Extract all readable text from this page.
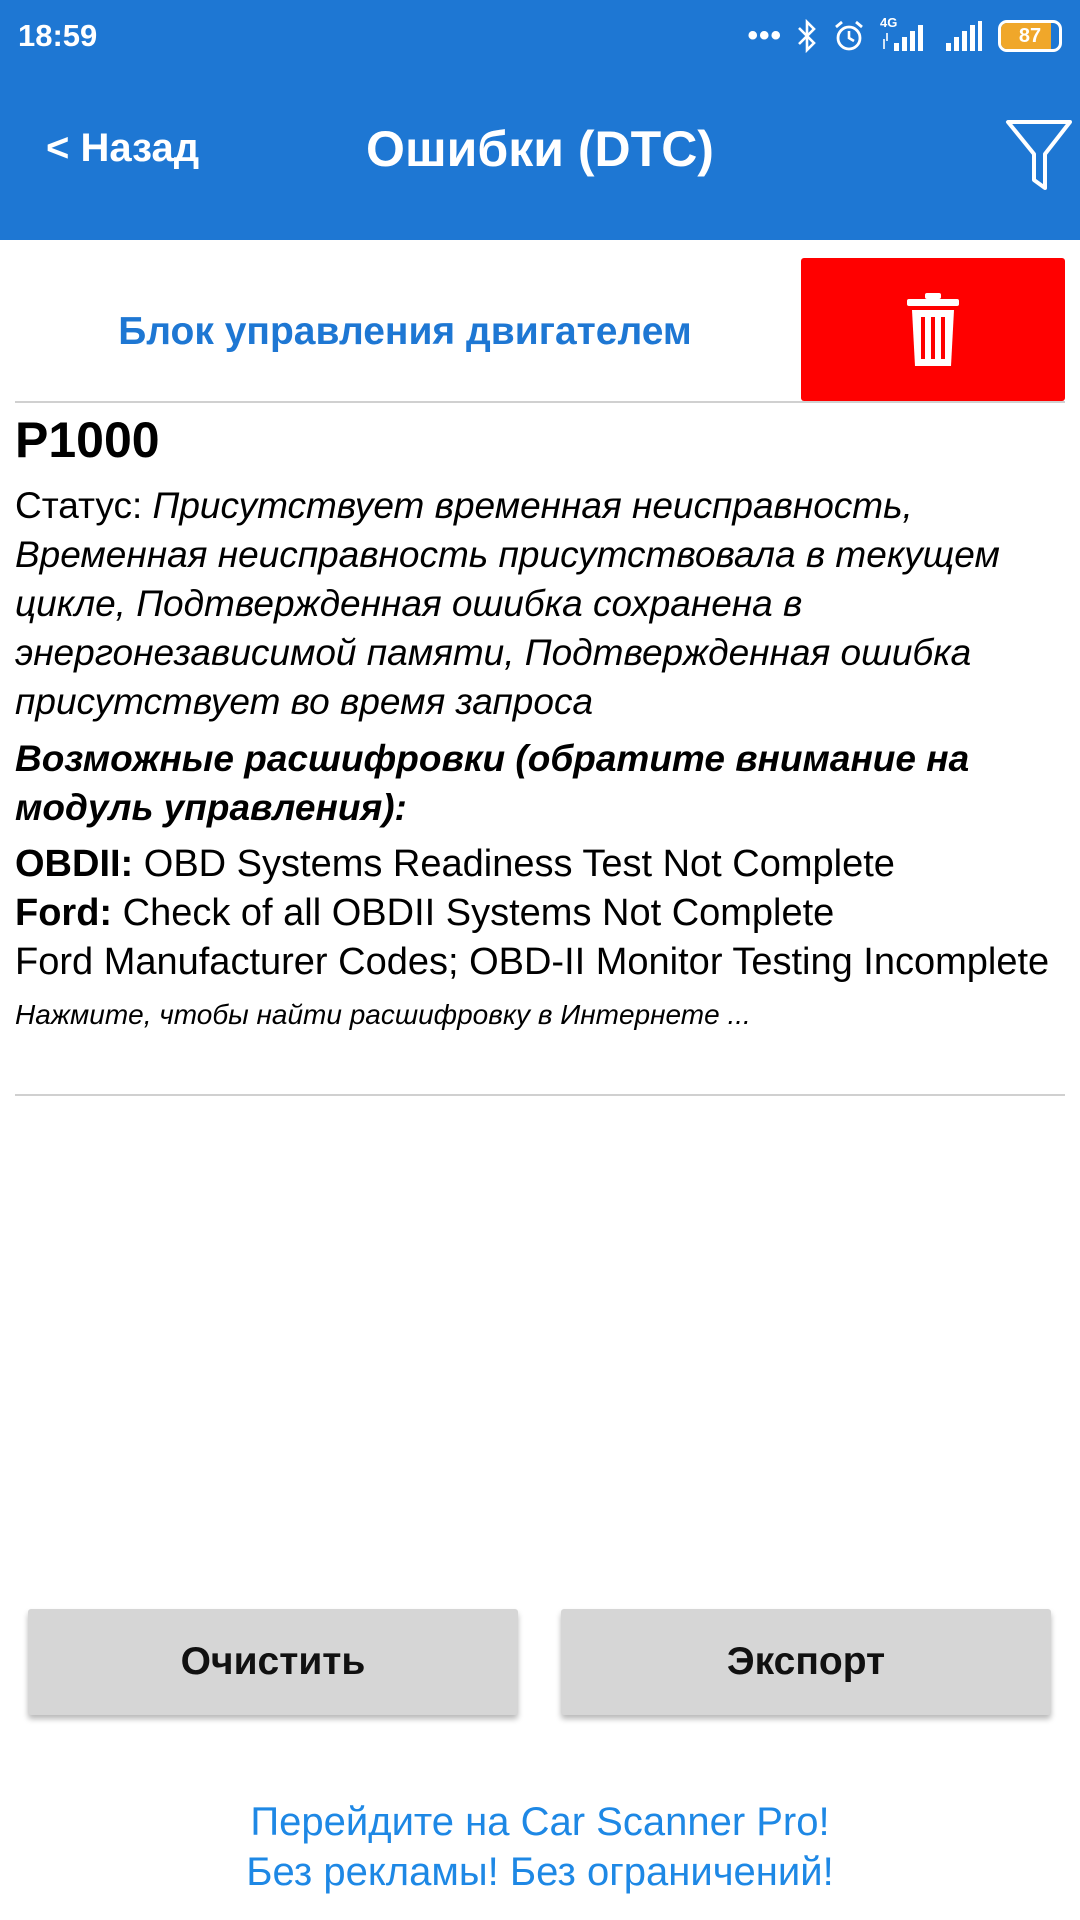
18:59	•••	4G
87
< Назад	Ошибки (DTC)
Блок управления двигателем
P1000
Статус: Присутствует временная неисправность, Временная неисправность присутствовала в текущем цикле, Подтвержденная ошибка сохранена в энергонезависимой памяти, Подтвержденная ошибка присутствует во время запроса
Возможные расшифровки (обратите внимание на модуль управления):
OBDII: OBD Systems Readiness Test Not Complete
Ford: Check of all OBDII Systems Not Complete
Ford Manufacturer Codes; OBD-II Monitor Testing Incomplete
Нажмите, чтобы найти расшифровку в Интернете ...
Очистить	Экспорт
Перейдите на Car Scanner Pro!
Без рекламы! Без ограничений!
